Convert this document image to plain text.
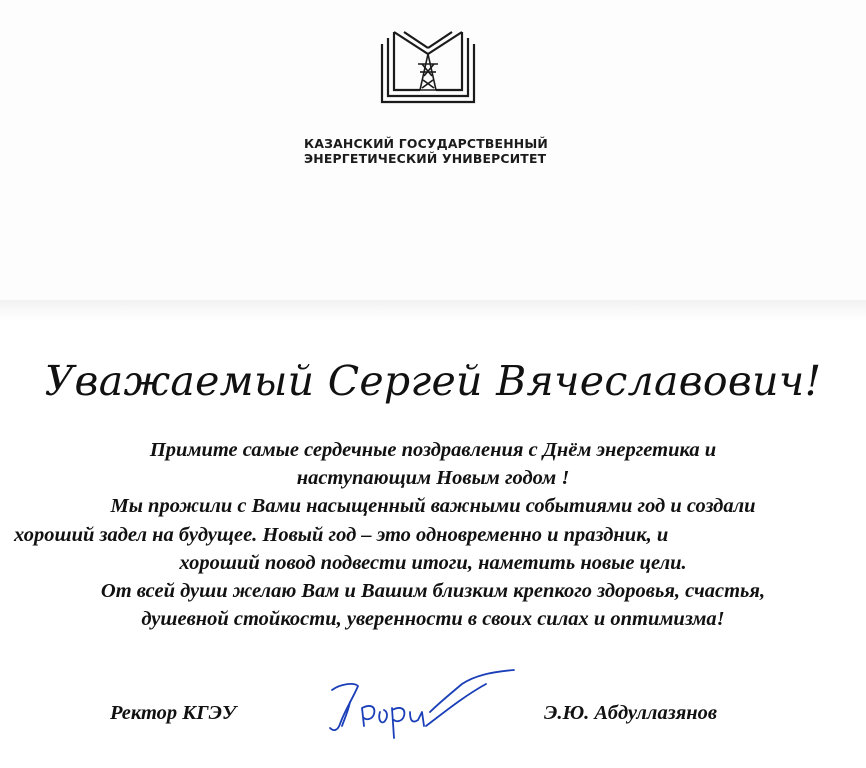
КАЗАНСКИЙ ГОСУДАРСТВЕННЫЙ
ЭНЕРГЕТИЧЕСКИЙ УНИВЕРСИТЕТ
Уважаемый Сергей Вячеславович!
Примите самые сердечные поздравления с Днём энергетика и
наступающим Новым годом !
Мы прожили с Вами насыщенный важными событиями год и создали
хороший задел на будущее. Новый год – это одновременно и праздник, и
хороший повод подвести итоги, наметить новые цели.
От всей души желаю Вам и Вашим близким крепкого здоровья, счастья,
душевной стойкости, уверенности в своих силах и оптимизма!
Ректор КГЭУ	Э.Ю. Абдуллазянов
